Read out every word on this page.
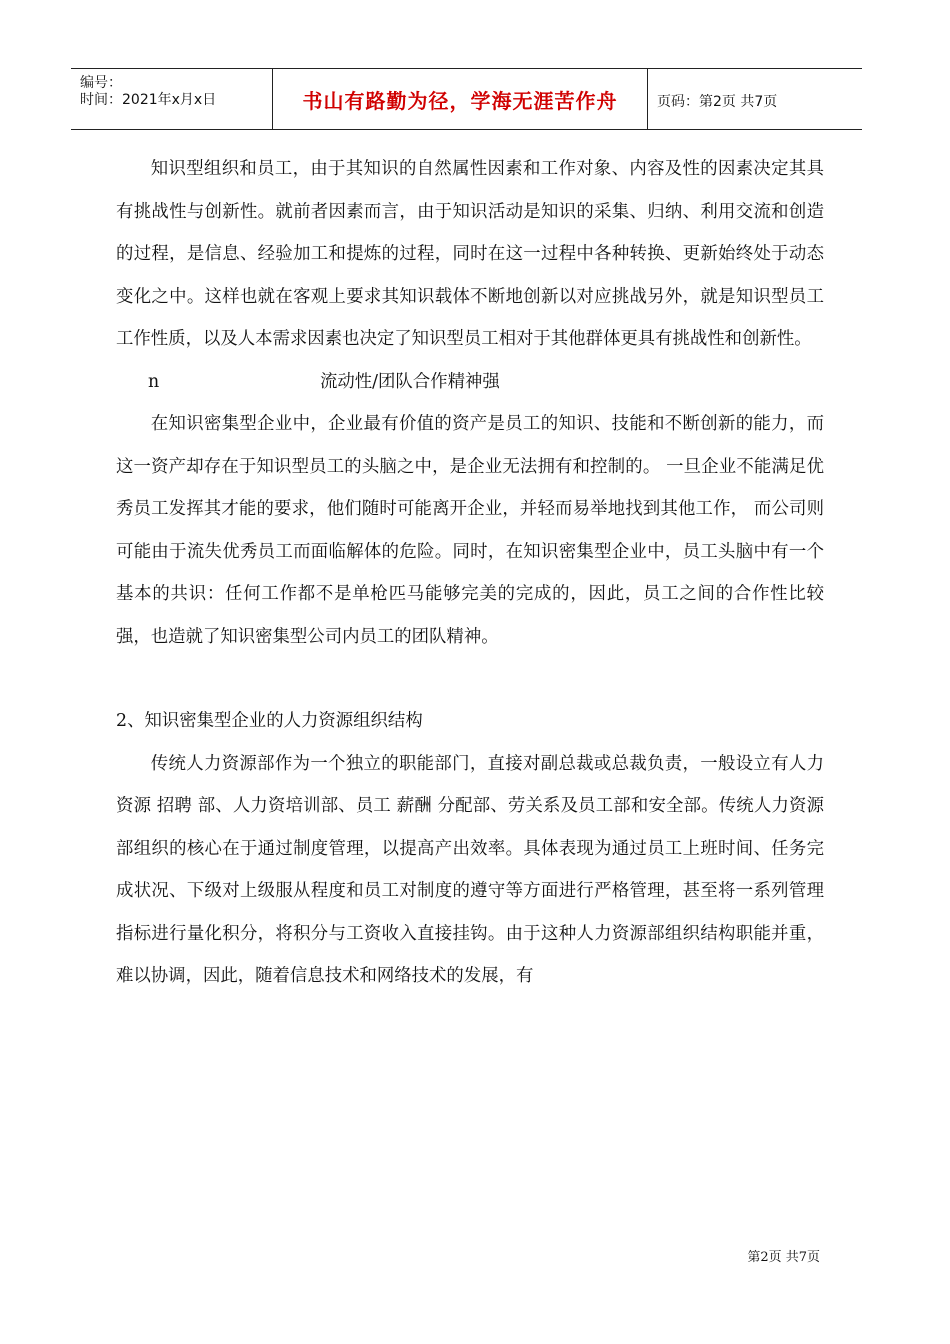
编号：
时间：2021年x月x日	书山有路勤为径，学海无涯苦作舟	页码：第2页 共7页

知识型组织和员工，由于其知识的自然属性因素和工作对象、内容及性的因素决定其具有挑战性与创新性。就前者因素而言，由于知识活动是知识的采集、归纳、利用交流和创造的过程，是信息、经验加工和提炼的过程，同时在这一过程中各种转换、更新始终处于动态变化之中。这样也就在客观上要求其知识载体不断地创新以对应挑战另外，就是知识型员工工作性质，以及人本需求因素也决定了知识型员工相对于其他群体更具有挑战性和创新性。

n	流动性/团队合作精神强

在知识密集型企业中，企业最有价值的资产是员工的知识、技能和不断创新的能力，而这一资产却存在于知识型员工的头脑之中，是企业无法拥有和控制的。 一旦企业不能满足优秀员工发挥其才能的要求，他们随时可能离开企业，并轻而易举地找到其他工作， 而公司则可能由于流失优秀员工而面临解体的危险。同时，在知识密集型企业中，员工头脑中有一个基本的共识：任何工作都不是单枪匹马能够完美的完成的，因此，员工之间的合作性比较强，也造就了知识密集型公司内员工的团队精神。

2、知识密集型企业的人力资源组织结构

传统人力资源部作为一个独立的职能部门，直接对副总裁或总裁负责，一般设立有人力资源 招聘 部、人力资培训部、员工 薪酬 分配部、劳关系及员工部和安全部。传统人力资源部组织的核心在于通过制度管理，以提高产出效率。具体表现为通过员工上班时间、任务完成状况、下级对上级服从程度和员工对制度的遵守等方面进行严格管理，甚至将一系列管理指标进行量化积分，将积分与工资收入直接挂钩。由于这种人力资源部组织结构职能并重，难以协调，因此，随着信息技术和网络技术的发展，有

第2页 共7页
